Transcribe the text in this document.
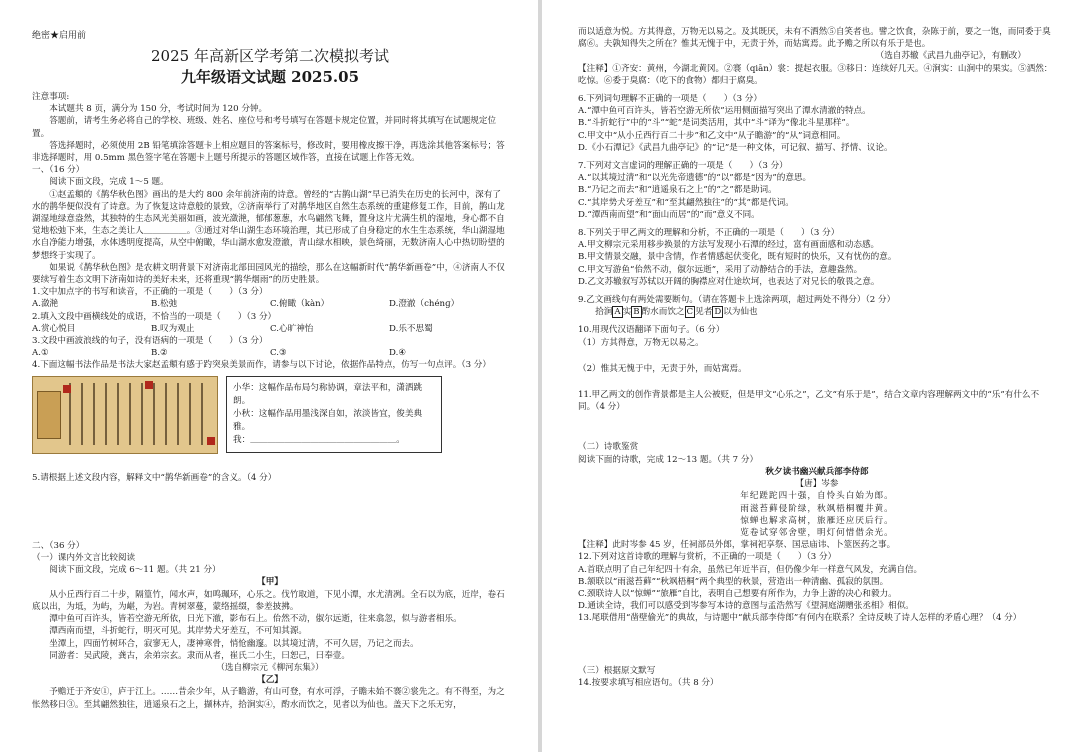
绝密★启用前
2025 年高新区学考第二次模拟考试
九年级语文试题 2025.05
注意事项:
本试题共 8 页，满分为 150 分，考试时间为 120 分钟。
答题前，请考生务必将自己的学校、班级、姓名、座位号和考号填写在答题卡规定位置，并同时将其填写在试题规定位置。
答选择题时，必须使用 2B 铅笔填涂答题卡上相应题目的答案标号，修改时，要用橡皮擦干净，再选涂其他答案标号；答非选择题时，用 0.5mm 黑色签字笔在答题卡上题号所提示的答题区域作答，直接在试题上作答无效。
一、（16 分）
阅读下面文段，完成 1～5 题。
①赵孟頫的《鹊华秋色图》画出的是大约 800 余年前济南的诗意。曾经的“古鹊山湖”早已消失在历史的长河中，深有了水的鹊华便似没有了诗意。为了恢复这诗意般的景致，②济南举行了对鹊华地区自然生态系统的重建修复工作，目前，鹊山龙湖湿地绿意盎然，其独特的生态风光美丽如画，波光潋滟，郁郁葱葱，水鸟翩然飞舞，置身这片尤满生机的湿地，身心都不自觉地松弛下来，生态之美让人＿＿＿＿＿。③通过对华山湖生态环境治理，其已形成了自身稳定的水生生态系统，华山湖湿地水自净能力增强，水体透明度提高，从空中俯瞰，华山湖水愈发澄澈，青山绿水相映，景色绮丽，无数济南人心中热切盼望的梦想终于实现了。
如果说《鹊华秋色图》是农耕文明背景下对济南北部田园风光的描绘，那么在这幅新时代“鹊华新画卷”中，④济南人不仅要续写着生态文明下济南如诗的美好未来，还将重现“鹊华烟雨”的历史胜景。
1.文中加点字的书写和读音，不正确的一项是（　　）（3 分）
A.潋滟	B.松弛	C.俯瞰（kàn）	D.澄澈（chénɡ）
2.填入文段中画横线处的成语，不恰当的一项是（　　）（3 分）
A.赏心悦目	B.叹为观止	C.心旷神怡	D.乐不思蜀
3.文段中画波浪线的句子，没有语病的一项是（　　）（3 分）
A.①	B.②	C.③	D.④
4.下面这幅书法作品是书法大家赵孟頫有感于趵突泉美景而作，请参与以下讨论，依据作品特点，仿写一句点评。（3 分）
小华：这幅作品布局匀称协调，章法平和，潇洒跳朗。
小秋：这幅作品用墨浅深自如，浓淡皆宜，俊美典雅。
我：＿＿＿＿＿＿＿＿＿＿＿＿＿＿＿＿＿。
5.请根据上述文段内容，解释文中“鹊华新画卷”的含义。（4 分）
二、（36 分）
（一）课内外文言比较阅读
阅读下面文段，完成 6～11 题。（共 21 分）
【甲】
从小丘西行百二十步，隔篁竹，闻水声，如鸣珮环，心乐之。伐竹取道，下见小潭，水尤清冽。全石以为底，近岸，卷石底以出，为坻，为屿，为嵁，为岩。青树翠蔓，蒙络摇缀，参差披拂。
潭中鱼可百许头，皆若空游无所依，日光下澈，影布石上。佁然不动，俶尔远逝，往来翕忽，似与游者相乐。
潭西南而望，斗折蛇行，明灭可见。其岸势犬牙差互，不可知其源。
坐潭上，四面竹树环合，寂寥无人，凄神寒骨，悄怆幽邃。以其境过清，不可久居，乃记之而去。
同游者：吴武陵，龚古，余弟宗玄。隶而从者，崔氏二小生，曰恕己，曰奉壹。
（选自柳宗元《柳河东集》）
【乙】
予赡迁于齐安①，庐于江上。……昔余少年，从子瞻游，有山可登，有水可浮，子瞻未始不褰②裳先之。有不得至，为之怅然移日③。至其翩然独往，逍遥泉石之上，撷林卉，拾涧实④，酌水而饮之，见者以为仙也。盖天下之乐无穷，
而以适意为悦。方其得意，万物无以易之。及其既厌，未有不洒然⑤自笑者也。譬之饮食，杂陈于前，要之一饱，而同委于臭腐⑥。夫孰知得失之所在？惟其无愧于中，无责于外，而姑寓焉。此予赡之所以有乐于是也。
（选自苏辙《武昌九曲亭记》，有删改）
【注释】①齐安：黄州，今湖北黄冈。②褰（qiān）裳：提起衣服。③移日：连续好几天。④涧实：山涧中的果实。⑤洒然：吃惊。⑥委于臭腐：（吃下的食物）都归于腐臭。
6.下列词句理解不正确的一项是（　　）（3 分）
A.“潭中鱼可百许头，皆若空游无所依”运用侧面描写突出了潭水清澈的特点。
B.“斗折蛇行”中的“斗”“蛇”是词类活用，其中“斗”译为“像北斗星那样”。
C.甲文中“从小丘西行百二十步”和乙文中“从子瞻游”的“从”词意相同。
D.《小石潭记》《武昌九曲亭记》的“记”是一种文体，可记叙、描写、抒情、议论。
7.下列对文言虚词的理解正确的一项是（　　）（3 分）
A.“以其境过清”和“以光先帝遗德”的“以”都是“因为”的意思。
B.“乃记之而去”和“逍遥泉石之上”的“之”都是助词。
C.“其岸势犬牙差互”和“至其翩然独往”的“其”都是代词。
D.“潭西南而望”和“面山而居”的“而”意义不同。
8.下列关于甲乙两文的理解和分析，不正确的一项是（　　）（3 分）
A.甲文柳宗元采用移步换景的方法写发现小石潭的经过，富有画面感和动态感。
B.甲文情景交融，景中含情，作者情感起伏变化，既有短时的快乐，又有忧伤的意。
C.甲文写游鱼“佁然不动，俶尔远逝”，采用了动静结合的手法，意趣盎然。
D.乙文苏辙叙写苏轼以开阔的胸襟应对仕途坎坷，也表达了对兄长的敬畏之意。
9.乙文画线句有两处需要断句。（请在答题卡上选涂两项，超过两处不得分）（2 分）
拾涧 A 实 B 酌水而饮之 C 见者 D 以为仙也
10.用现代汉语翻译下面句子。（6 分）
（1）方其得意，万物无以易之。
（2）惟其无愧于中，无责于外，而姑寓焉。
11.甲乙两文的创作背景都是主人公被贬，但是甲文“心乐之”，乙文“有乐于是”，结合文章内容理解两文中的“乐”有什么不同。（4 分）
（二）诗歌鉴赏
阅读下面的诗歌，完成 12～13 题。（共 7 分）
秋夕读书幽兴献兵部李侍郎
【唐】岑参
年纪蹉跎四十强，自怜头白始为郎。
雨滋苔藓侵阶绿，秋飒梧桐覆井黄。
惊蝉也解求高树，旅雁还应厌后行。
览卷试穿邻舍壁，明灯何惜借余光。
【注释】此时岑参 45 岁，任祠部员外郎，掌祠祀享祭、国忌庙讳、卜筮医药之事。
12.下列对这首诗歌的理解与赏析，不正确的一项是（　　）（3 分）
A.首联点明了自己年纪四十有余，虽然已年近半百，但仍像少年一样意气风发，充满自信。
B.颔联以“雨滋苔藓”“秋飒梧桐”两个典型的秋景，营造出一种清幽、孤寂的氛围。
C.颈联诗人以“惊蝉”“旅雁”自比，表明自己想要有所作为，力争上游的决心和毅力。
D.通读全诗，我们可以感受到岑参写本诗的意图与孟浩然写《望洞庭湖赠张丞相》相似。
13.尾联借用“凿壁偷光”的典故，与诗题中“献兵部李侍郎”有何内在联系？全诗反映了诗人怎样的矛盾心理？（4 分）
（三）根据原文默写
14.按要求填写相应语句。（共 8 分）
